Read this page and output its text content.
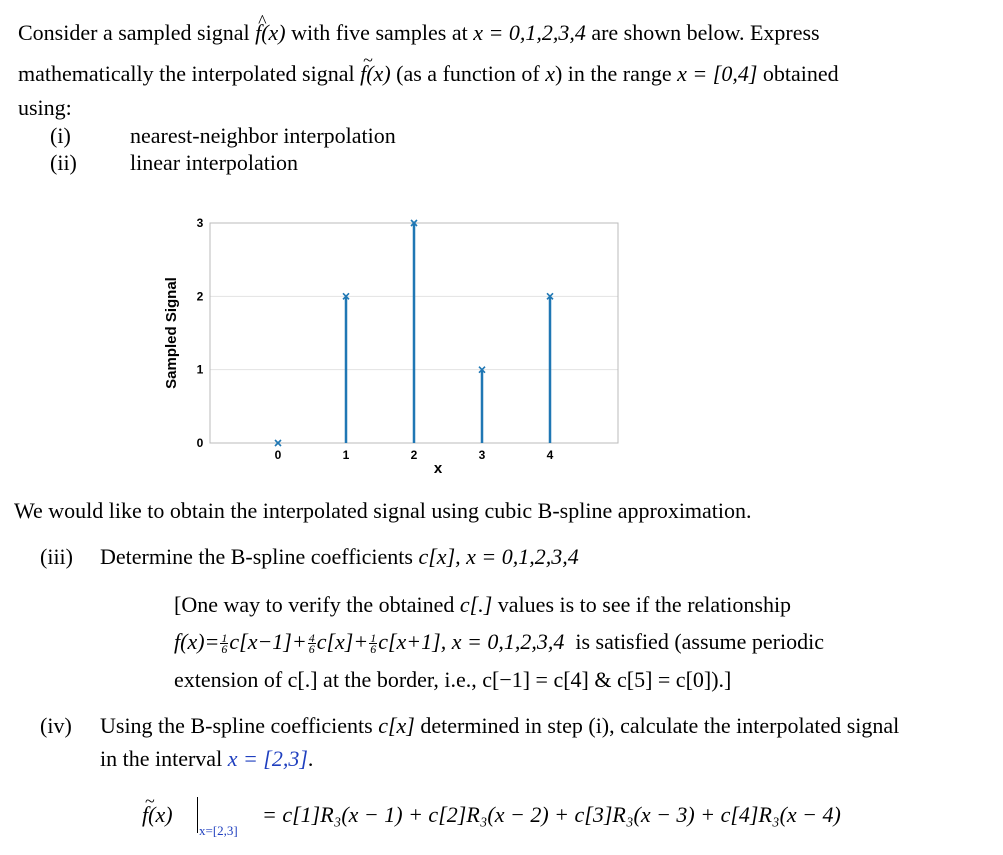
Consider a sampled signal ^ f(x) with five samples at x = 0,1,2,3,4 are shown below. Express
mathematically the interpolated signal ~ f(x) (as a function of x) in the range x = [0,4] obtained
using:
(i)	nearest-neighbor interpolation
(ii) linear interpolation
0
1
2
3
0	1	2	3	4
x
Sampled Signal
We would like to obtain the interpolated signal using cubic B-spline approximation.
(iii) Determine the B-spline coefficients c[x], x = 0,1,2,3,4
[One way to verify the obtained c[.] values is to see if the relationship
$f(x)= \frac{1}{6} c[x-1]+ \frac{4}{6} c[x]+ \frac{1}{6} c[x+1]$, x = 0,1,2,3,4 is satisfied (assume periodic
extension of c[.] at the border, i.e., c[−1] = c[4] & c[5] = c[0]).]
(iv) Using the B-spline coefficients c[x] determined in step (i), calculate the interpolated signal
in the interval x = [2,3].
~ f(x)
x=[2,3]
= c[1]R₃(x − 1) + c[2]R₃(x − 2) + c[3]R₃(x − 3) + c[4]R₃(x − 4)
